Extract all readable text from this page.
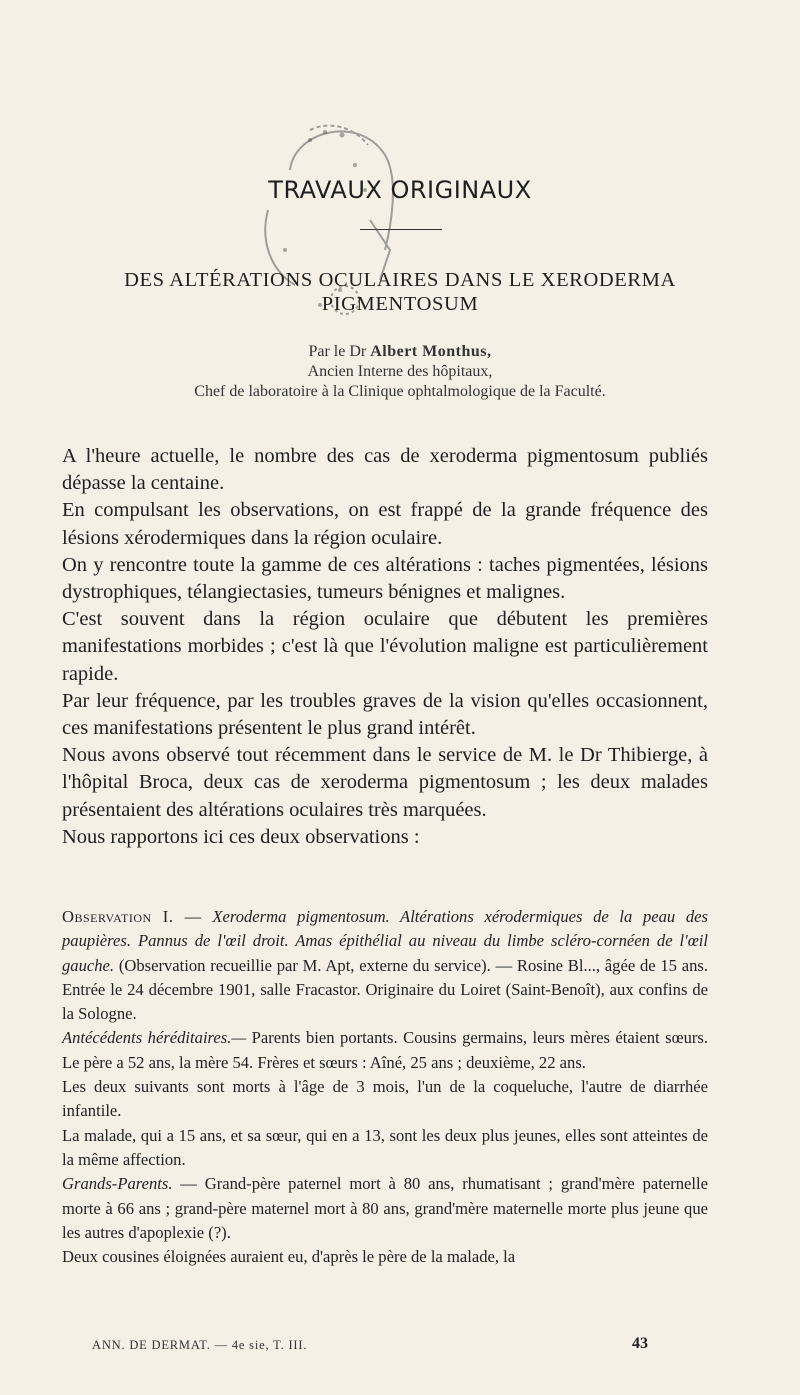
TRAVAUX ORIGINAUX
DES ALTÉRATIONS OCULAIRES DANS LE XERODERMA
PIGMENTOSUM
Par le Dr Albert Monthus,
Ancien Interne des hôpitaux,
Chef de laboratoire à la Clinique ophtalmologique de la Faculté.

A l'heure actuelle, le nombre des cas de xeroderma pigmentosum publiés dépasse la centaine.

En compulsant les observations, on est frappé de la grande fréquence des lésions xérodermiques dans la région oculaire.

On y rencontre toute la gamme de ces altérations : taches pigmentées, lésions dystrophiques, télangiectasies, tumeurs bénignes et malignes.

C'est souvent dans la région oculaire que débutent les premières manifestations morbides ; c'est là que l'évolution maligne est particulièrement rapide.

Par leur fréquence, par les troubles graves de la vision qu'elles occasionnent, ces manifestations présentent le plus grand intérêt.

Nous avons observé tout récemment dans le service de M. le Dr Thibierge, à l'hôpital Broca, deux cas de xeroderma pigmentosum ; les deux malades présentaient des altérations oculaires très marquées.

Nous rapportons ici ces deux observations :

Observation I. — Xeroderma pigmentosum. Altérations xérodermiques de la peau des paupières. Pannus de l'œil droit. Amas épithélial au niveau du limbe scléro-cornéen de l'œil gauche. (Observation recueillie par M. Apt, externe du service). — Rosine Bl..., âgée de 15 ans. Entrée le 24 décembre 1901, salle Fracastor. Originaire du Loiret (Saint-Benoît), aux confins de la Sologne.

Antécédents héréditaires.— Parents bien portants. Cousins germains, leurs mères étaient sœurs. Le père a 52 ans, la mère 54. Frères et sœurs : Aîné, 25 ans ; deuxième, 22 ans.

Les deux suivants sont morts à l'âge de 3 mois, l'un de la coqueluche, l'autre de diarrhée infantile.

La malade, qui a 15 ans, et sa sœur, qui en a 13, sont les deux plus jeunes, elles sont atteintes de la même affection.

Grands-Parents. — Grand-père paternel mort à 80 ans, rhumatisant ; grand'mère paternelle morte à 66 ans ; grand-père maternel mort à 80 ans, grand'mère maternelle morte plus jeune que les autres d'apoplexie (?).

Deux cousines éloignées auraient eu, d'après le père de la malade, la

ANN. DE DERMAT. — 4e sie, T. III.	43
